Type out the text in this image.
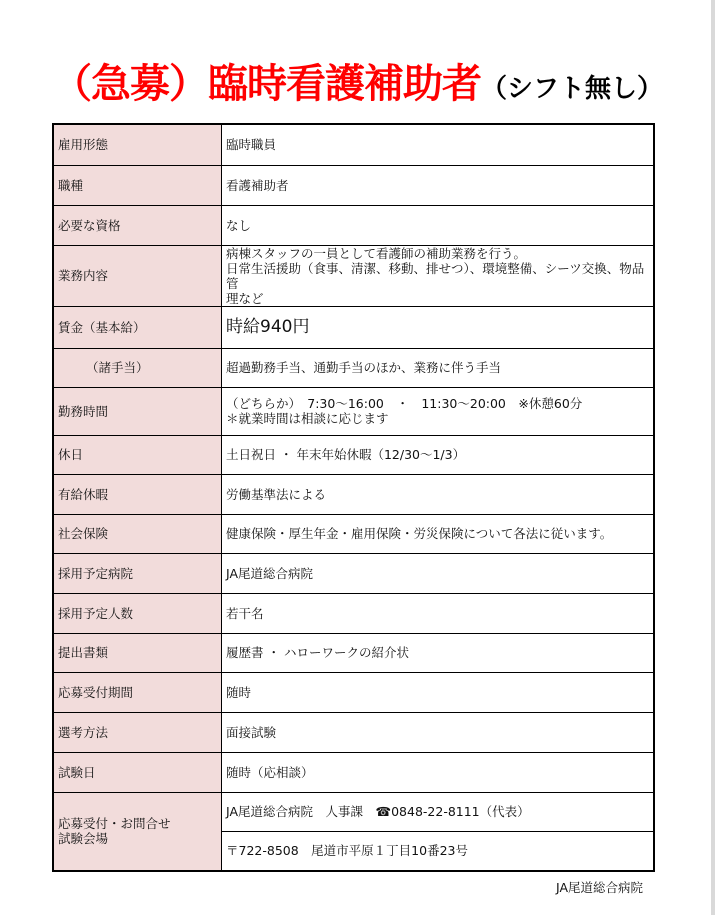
（急募）臨時看護補助者（シフト無し）
雇用形態	臨時職員
職種	看護補助者
必要な資格	なし
業務内容	病棟スタッフの一員として看護師の補助業務を行う。
日常生活援助（食事、清潔、移動、排せつ）、環境整備、シーツ交換、物品管
理など

賃金（基本給）	時給940円
（諸手当）	超過勤務手当、通勤手当のほか、業務に伴う手当
勤務時間	（どちらか）　7:30～16:00　・　11:30～20:00　※休憩60分
＊就業時間は相談に応じます

休日	土日祝日 ・ 年末年始休暇（12/30～1/3）
有給休暇	労働基準法による
社会保険	健康保険・厚生年金・雇用保険・労災保険について各法に従います。
採用予定病院	JA尾道総合病院
採用予定人数	若干名
提出書類	履歴書 ・ ハローワークの紹介状
応募受付期間	随時
選考方法	面接試験
試験日	随時（応相談）

応募受付・お問合せ
試験会場	JA尾道総合病院　人事課　☎0848-22-8111（代表）
	〒722-8508　尾道市平原１丁目10番23号
JA尾道総合病院
